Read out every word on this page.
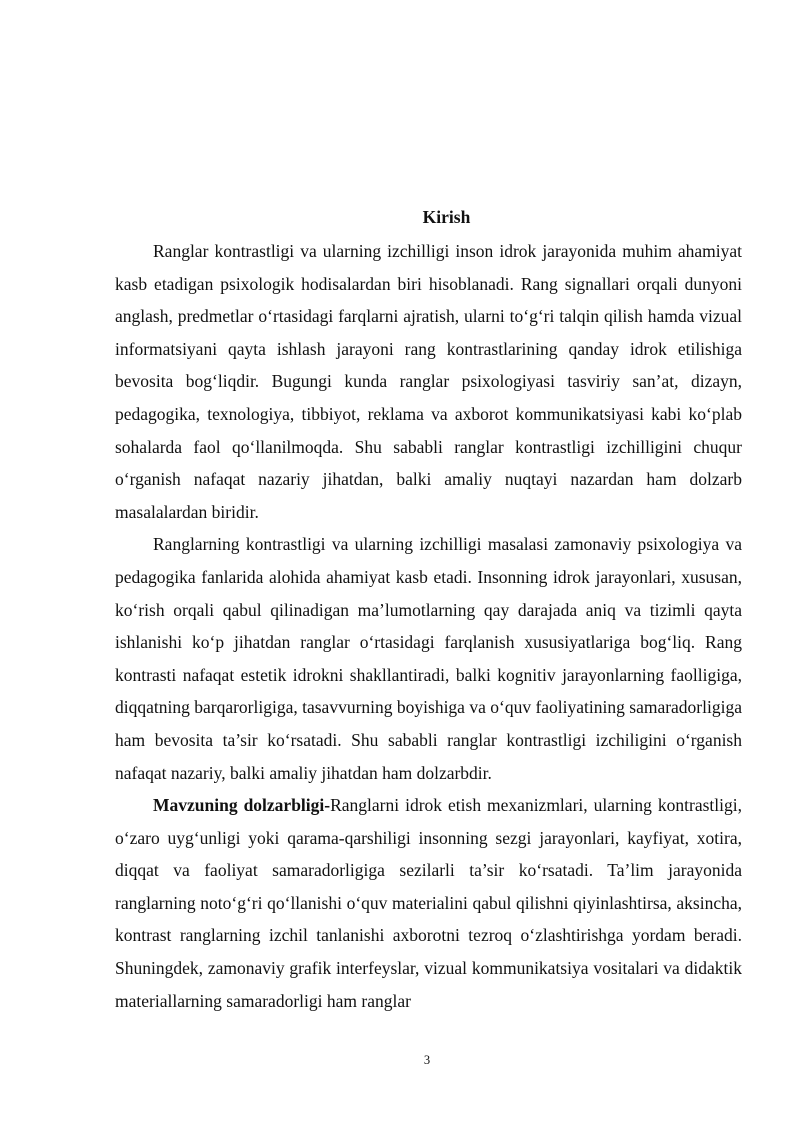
Kirish

Ranglar kontrastligi va ularning izchilligi inson idrok jarayonida muhim ahamiyat kasb etadigan psixologik hodisalardan biri hisoblanadi. Rang signallari orqali dunyoni anglash, predmetlar o‘rtasidagi farqlarni ajratish, ularni to‘g‘ri talqin qilish hamda vizual informatsiyani qayta ishlash jarayoni rang kontrastlarining qanday idrok etilishiga bevosita bog‘liqdir. Bugungi kunda ranglar psixologiyasi tasviriy san’at, dizayn, pedagogika, texnologiya, tibbiyot, reklama va axborot kommunikatsiyasi kabi ko‘plab sohalarda faol qo‘llanilmoqda. Shu sababli ranglar kontrastligi izchilligini chuqur o‘rganish nafaqat nazariy jihatdan, balki amaliy nuqtayi nazardan ham dolzarb masalalardan biridir.

Ranglarning kontrastligi va ularning izchilligi masalasi zamonaviy psixologiya va pedagogika fanlarida alohida ahamiyat kasb etadi. Insonning idrok jarayonlari, xususan, ko‘rish orqali qabul qilinadigan ma’lumotlarning qay darajada aniq va tizimli qayta ishlanishi ko‘p jihatdan ranglar o‘rtasidagi farqlanish xususiyatlariga bog‘liq. Rang kontrasti nafaqat estetik idrokni shakllantiradi, balki kognitiv jarayonlarning faolligiga, diqqatning barqarorligiga, tasavvurning boyishiga va o‘quv faoliyatining samaradorligiga ham bevosita ta’sir ko‘rsatadi. Shu sababli ranglar kontrastligi izchiligini o‘rganish nafaqat nazariy, balki amaliy jihatdan ham dolzarbdir.

Mavzuning dolzarbligi-Ranglarni idrok etish mexanizmlari, ularning kontrastligi, o‘zaro uyg‘unligi yoki qarama-qarshiligi insonning sezgi jarayonlari, kayfiyat, xotira, diqqat va faoliyat samaradorligiga sezilarli ta’sir ko‘rsatadi. Ta’lim jarayonida ranglarning noto‘g‘ri qo‘llanishi o‘quv materialini qabul qilishni qiyinlashtirsa, aksincha, kontrast ranglarning izchil tanlanishi axborotni tezroq o‘zlashtirishga yordam beradi. Shuningdek, zamonaviy grafik interfeyslar, vizual kommunikatsiya vositalari va didaktik materiallarning samaradorligi ham ranglar

3
